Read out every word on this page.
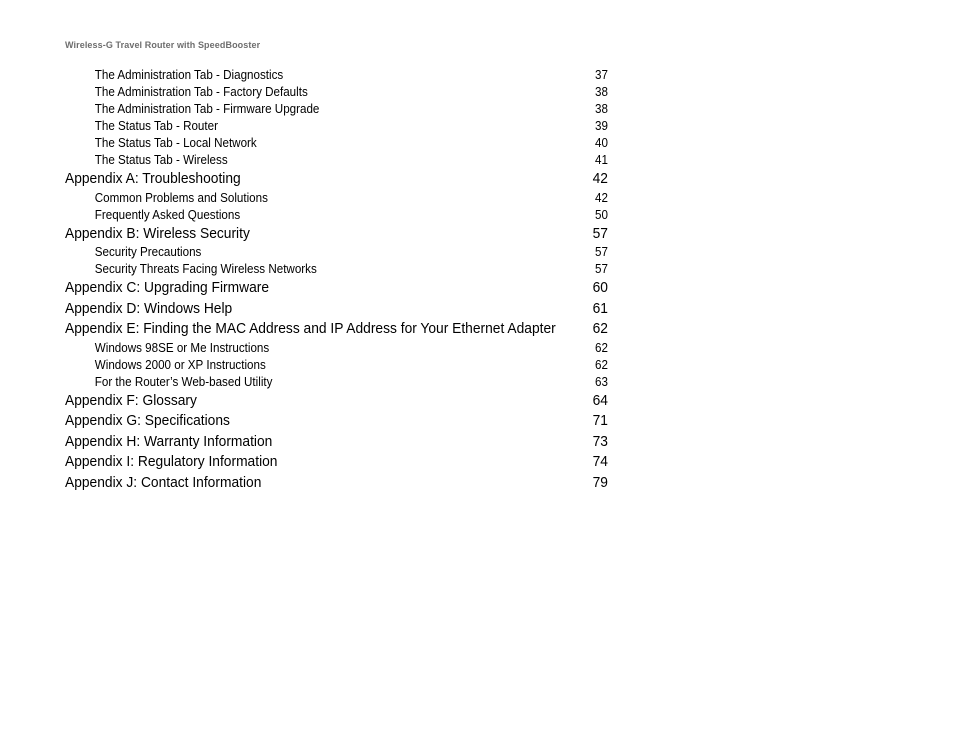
Wireless-G Travel Router with SpeedBooster
The Administration Tab - Diagnostics	37
The Administration Tab - Factory Defaults	38
The Administration Tab - Firmware Upgrade	38
The Status Tab - Router	39
The Status Tab - Local Network	40
The Status Tab - Wireless	41
Appendix A: Troubleshooting	42
Common Problems and Solutions	42
Frequently Asked Questions	50
Appendix B: Wireless Security	57
Security Precautions	57
Security Threats Facing Wireless Networks	57
Appendix C: Upgrading Firmware	60
Appendix D: Windows Help	61
Appendix E: Finding the MAC Address and IP Address for Your Ethernet Adapter 62
Windows 98SE or Me Instructions	62
Windows 2000 or XP Instructions	62
For the Router’s Web-based Utility	63
Appendix F: Glossary	64
Appendix G: Specifications	71
Appendix H: Warranty Information	73
Appendix I: Regulatory Information	74
Appendix J: Contact Information	79
